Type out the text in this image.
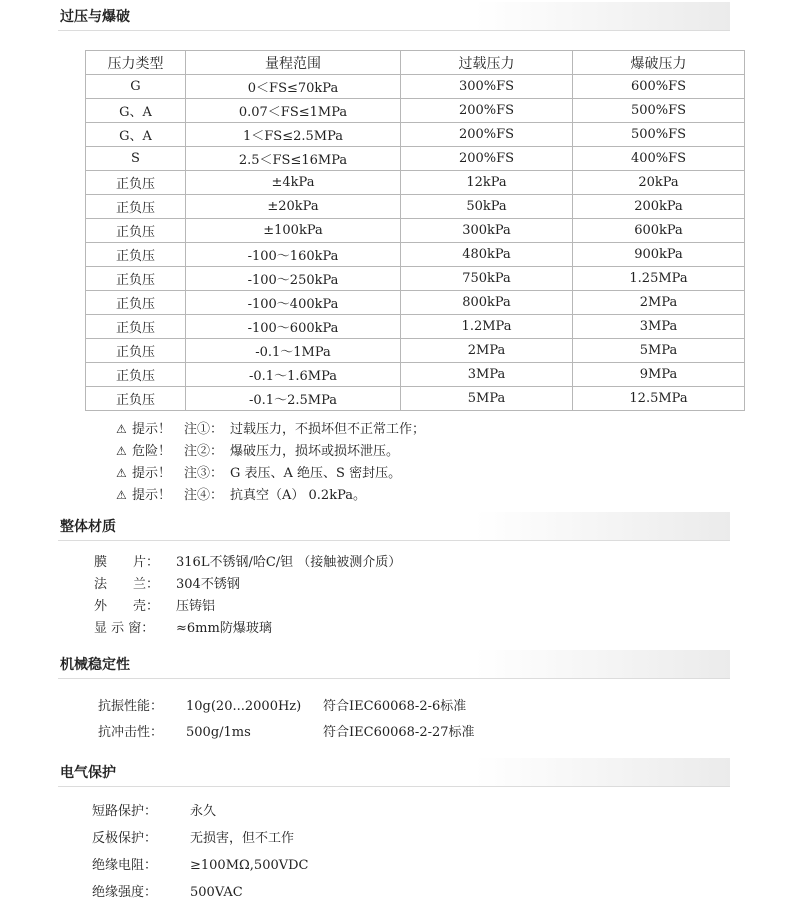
过压与爆破
压力类型	量程范围	过载压力	爆破压力
G	0＜FS≤70kPa	300%FS	600%FS
G、A	0.07＜FS≤1MPa	200%FS	500%FS
G、A	1＜FS≤2.5MPa	200%FS	500%FS
S	2.5＜FS≤16MPa	200%FS	400%FS
正负压	±4kPa	12kPa	20kPa
正负压	±20kPa	50kPa	200kPa
正负压	±100kPa	300kPa	600kPa
正负压	-100～160kPa	480kPa	900kPa
正负压	-100～250kPa	750kPa	1.25MPa
正负压	-100～400kPa	800kPa	2MPa
正负压	-100～600kPa	1.2MPa	3MPa
正负压	-0.1～1MPa	2MPa	5MPa
正负压	-0.1～1.6MPa	3MPa	9MPa
正负压	-0.1～2.5MPa	5MPa	12.5MPa
⚠ 提示！ 注①： 过载压力，不损坏但不正常工作；
⚠ 危险！ 注②： 爆破压力，损坏或损坏泄压。
⚠ 提示！ 注③： G 表压、A 绝压、S 密封压。
⚠ 提示！ 注④： 抗真空（A） 0.2kPa。
整体材质
膜　　片： 316L不锈钢/哈C/钽 （接触被测介质）
法　　兰： 304不锈钢
外　　壳： 压铸铝
显 示 窗： ≈6mm防爆玻璃
机械稳定性
抗振性能： 10g(20...2000Hz) 符合IEC60068-2-6标准
抗冲击性： 500g/1ms	符合IEC60068-2-27标准
电气保护
短路保护：	永久
反极保护：	无损害，但不工作
绝缘电阻：	≥100MΩ,500VDC
绝缘强度：	500VAC
